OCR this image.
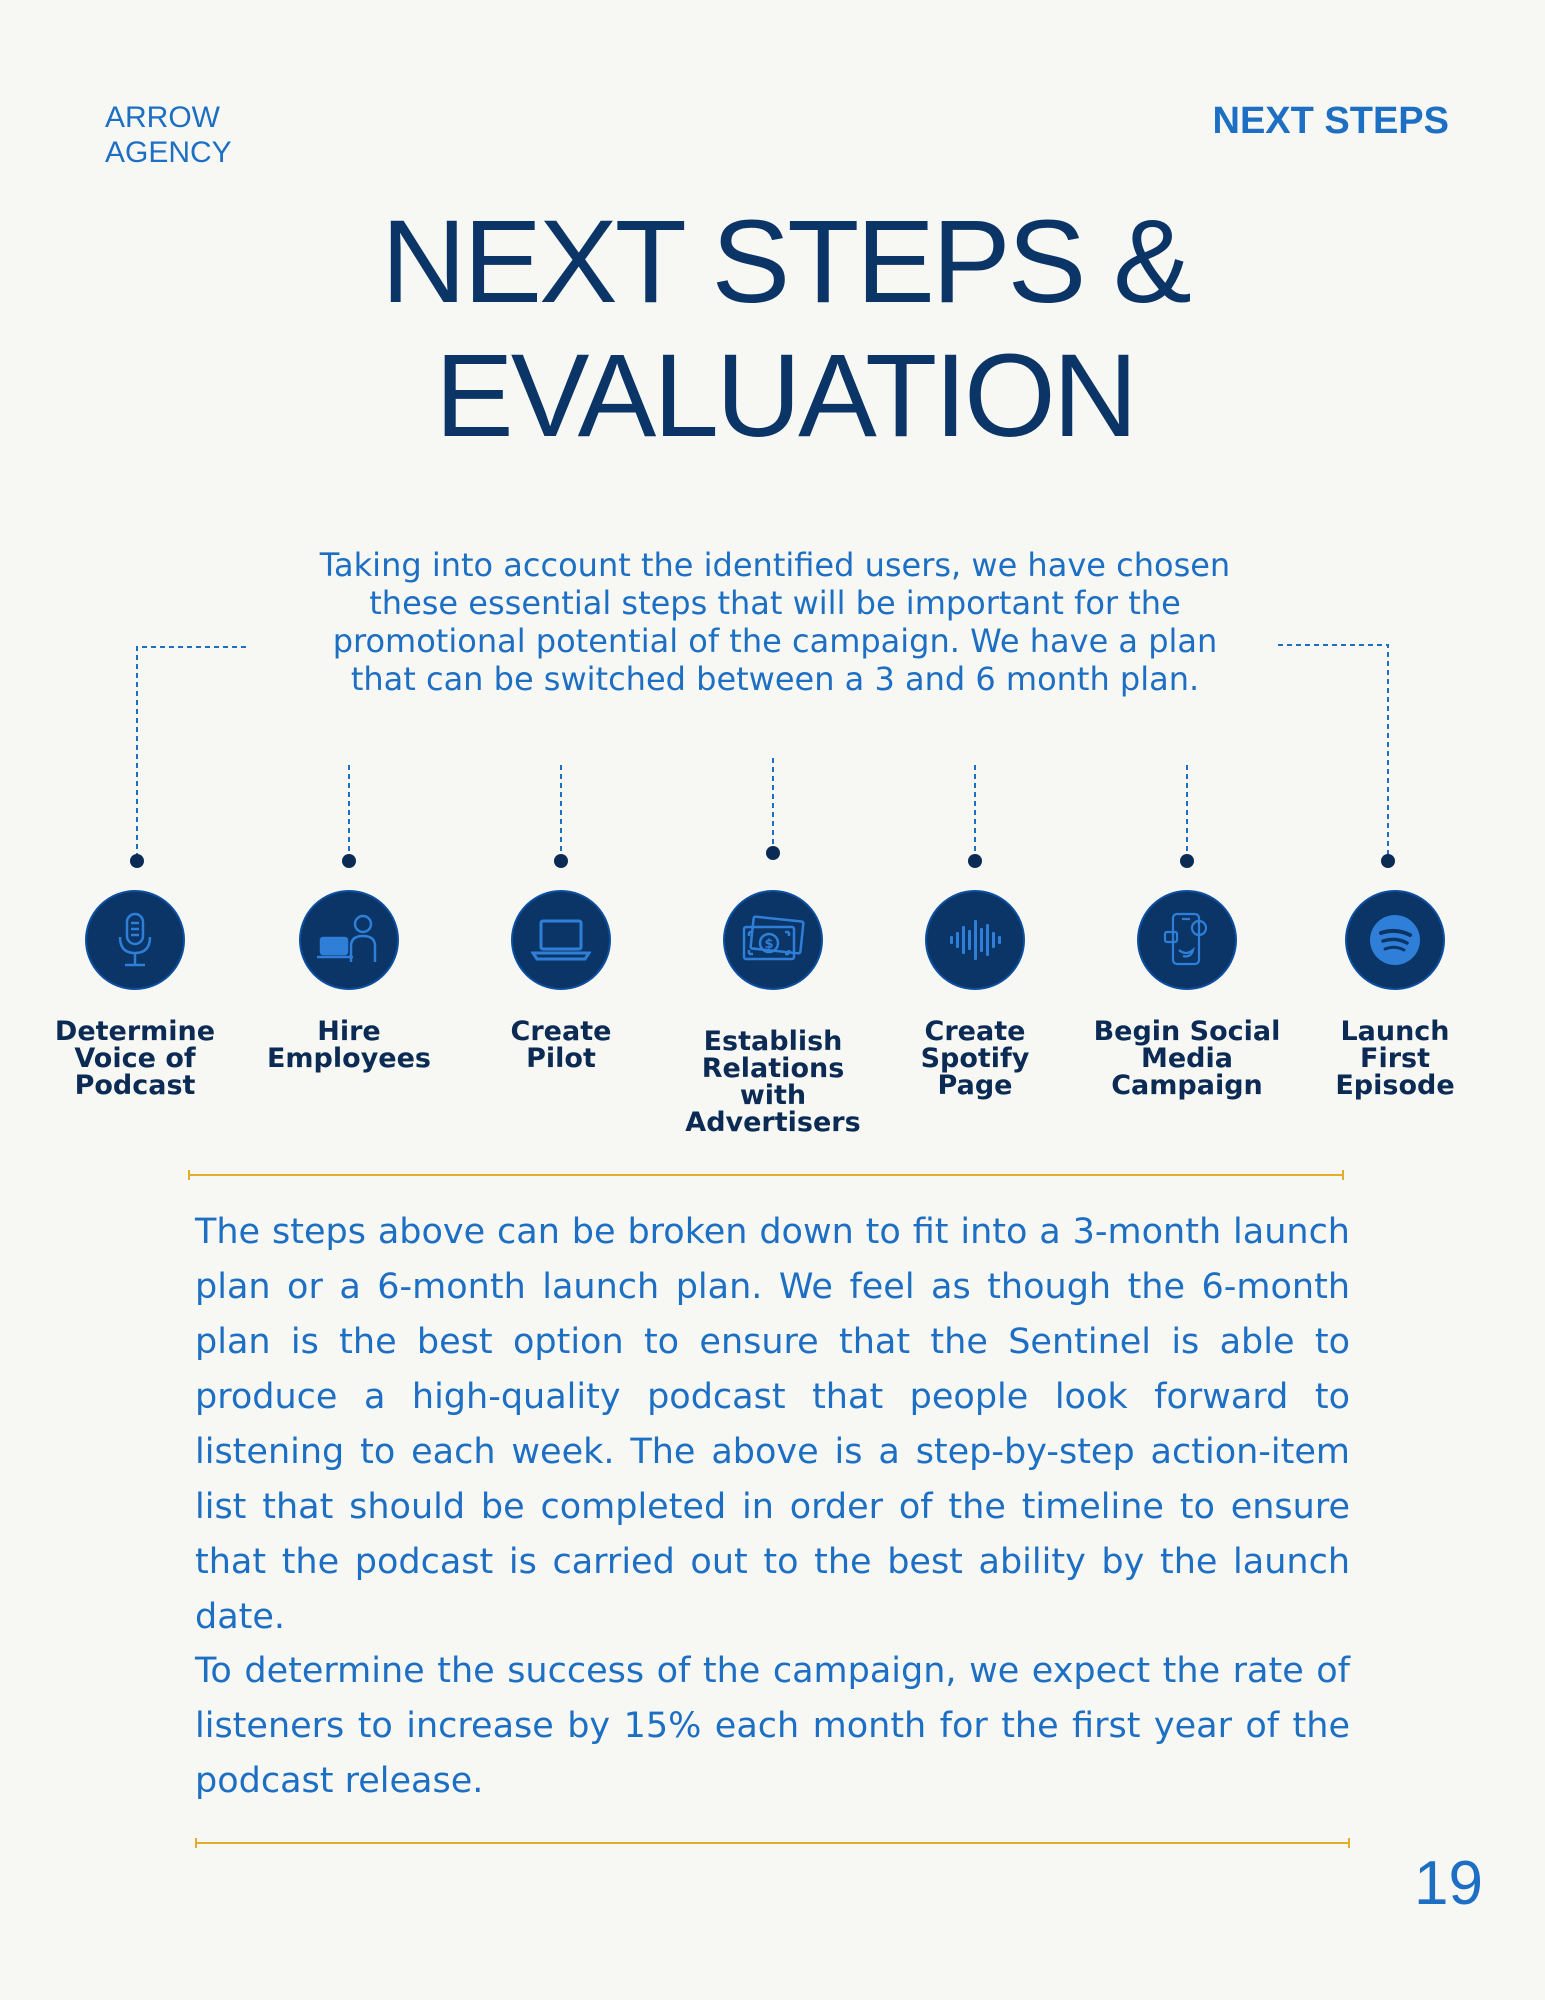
ARROW
AGENCY
NEXT STEPS
NEXT STEPS &
EVALUATION
Taking into account the identified users, we have chosen these essential steps that will be important for the promotional potential of the campaign. We have a plan that can be switched between a 3 and 6 month plan.
Determine
Voice of
Podcast
Hire
Employees
Create
Pilot
$
Establish
Relations
with
Advertisers
Create
Spotify
Page
Begin Social
Media
Campaign
Launch
First
Episode
The steps above can be broken down to fit into a 3-month launch plan or a 6-month launch plan. We feel as though the 6-month plan is the best option to ensure that the Sentinel is able to produce a high-quality podcast that people look forward to listening to each week. The above is a step-by-step action-item list that should be completed in order of the timeline to ensure that the podcast is carried out to the best ability by the launch date.
To determine the success of the campaign, we expect the rate of listeners to increase by 15% each month for the first year of the podcast release.
19
